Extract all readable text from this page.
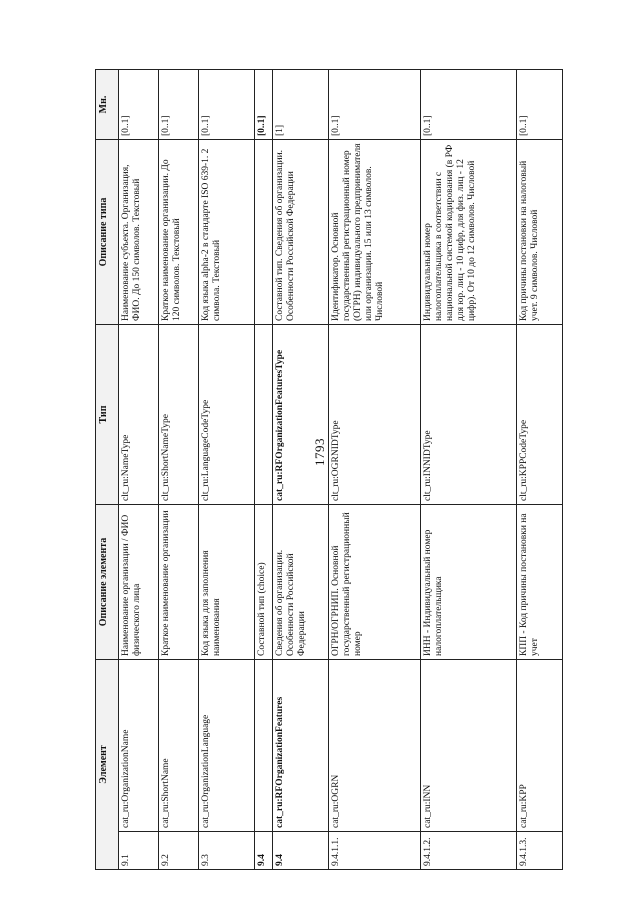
1793
Элемент		Описание элемента	Тип	Описание типа	Мн.
9.1	cat_ru:OrganizationName	Наименование организации / ФИО физического лица	clt_ru:NameType	Наименование субъекта. Организация, ФИО. До 150 символов. Текстовый	[0..1]
9.2	cat_ru:ShortName	Краткое наименование организации	clt_ru:ShortNameType	Краткое наименование организации. До 120 символов. Текстовый	[0..1]
9.3	cat_ru:OrganizationLanguage	Код языка для заполнения наименования	clt_ru:LanguageCodeType	Код языка alpha-2 в стандарте ISO 639-1. 2 символа. Текстовый	[0..1]
9.4		Составной тип (choice)			[0..1]
9.4	cat_ru:RFOrganizationFeatures	Сведения об организации. Особенности Российской Федерации	cat_ru:RFOrganizationFeaturesType	Составной тип. Сведения об организации. Особенности Российской Федерации	[1]
9.4.1.1.	cat_ru:OGRN	ОГРН/ОГРНИП. Основной государственный регистрационный номер	clt_ru:OGRNIDType	Идентификатор. Основной государственный регистрационный номер (ОГРН) индивидуального предпринимателя или организации. 15 или 13 символов. Числовой	[0..1]
9.4.1.2.	cat_ru:INN	ИНН - Индивидуальный номер налогоплательщика	clt_ru:INNIDType	Индивидуальный номер налогоплательщика в соответствии с национальной системой кодирования (в РФ для юр. лиц - 10 цифр, для физ. лиц - 12 цифр). От 10 до 12 символов. Числовой	[0..1]
9.4.1.3.	cat_ru:KPP	КПП - Код причины постановки на учет	clt_ru:KPPCodeType	Код причины постановки на налоговый учет. 9 символов. Числовой	[0..1]
